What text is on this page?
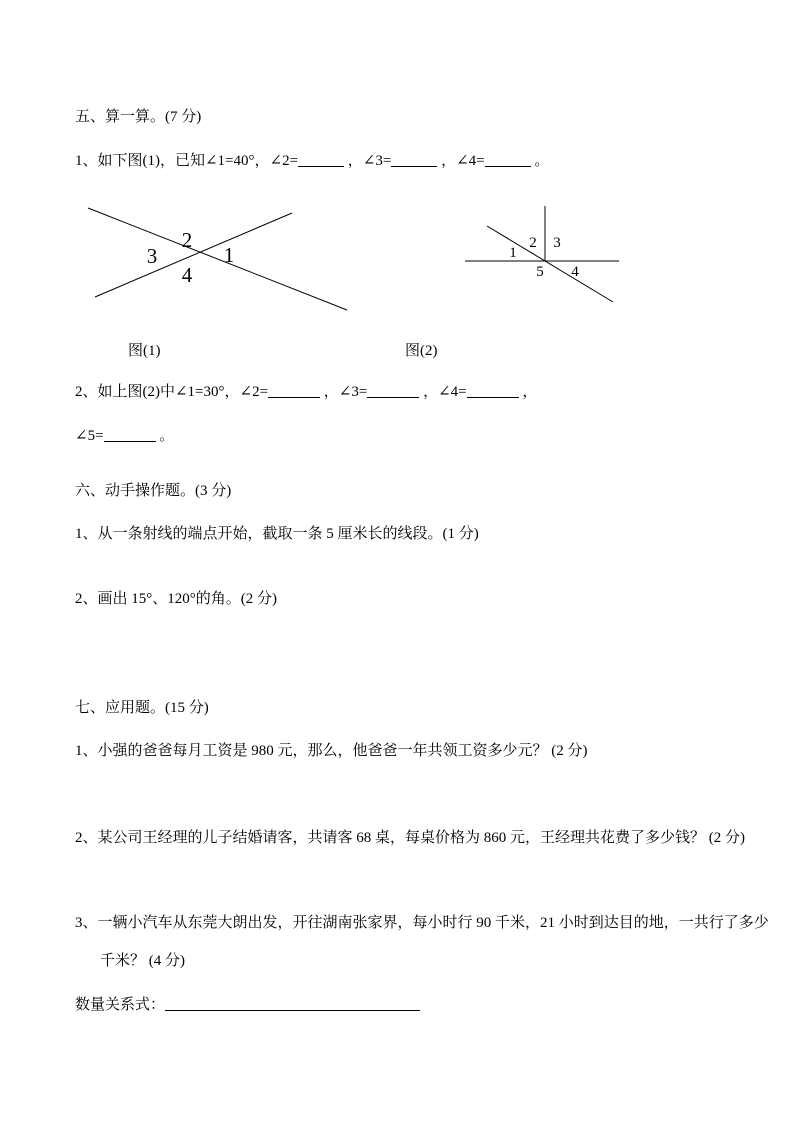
五、算一算。(7 分)
1、如下图(1)，已知∠1=40°，∠2=	，∠3=	，∠4=	。
2
3	1
4
2 3
1
5 4
图(1)	图(2)
2、如上图(2)中∠1=30°，∠2=	，∠3=	，∠4=	，
∠5=	。
六、动手操作题。(3 分)
1、从一条射线的端点开始，截取一条 5 厘米长的线段。(1 分)
2、画出 15°、120°的角。(2 分)
七、应用题。(15 分)
1、小强的爸爸每月工资是 980 元，那么，他爸爸一年共领工资多少元？ (2 分)
2、某公司王经理的儿子结婚请客，共请客 68 桌，每桌价格为 860 元，王经理共花费了多少钱？ (2 分)
3、一辆小汽车从东莞大朗出发，开往湖南张家界，每小时行 90 千米，21 小时到达目的地，一共行了多少
千米？ (4 分)
数量关系式：
